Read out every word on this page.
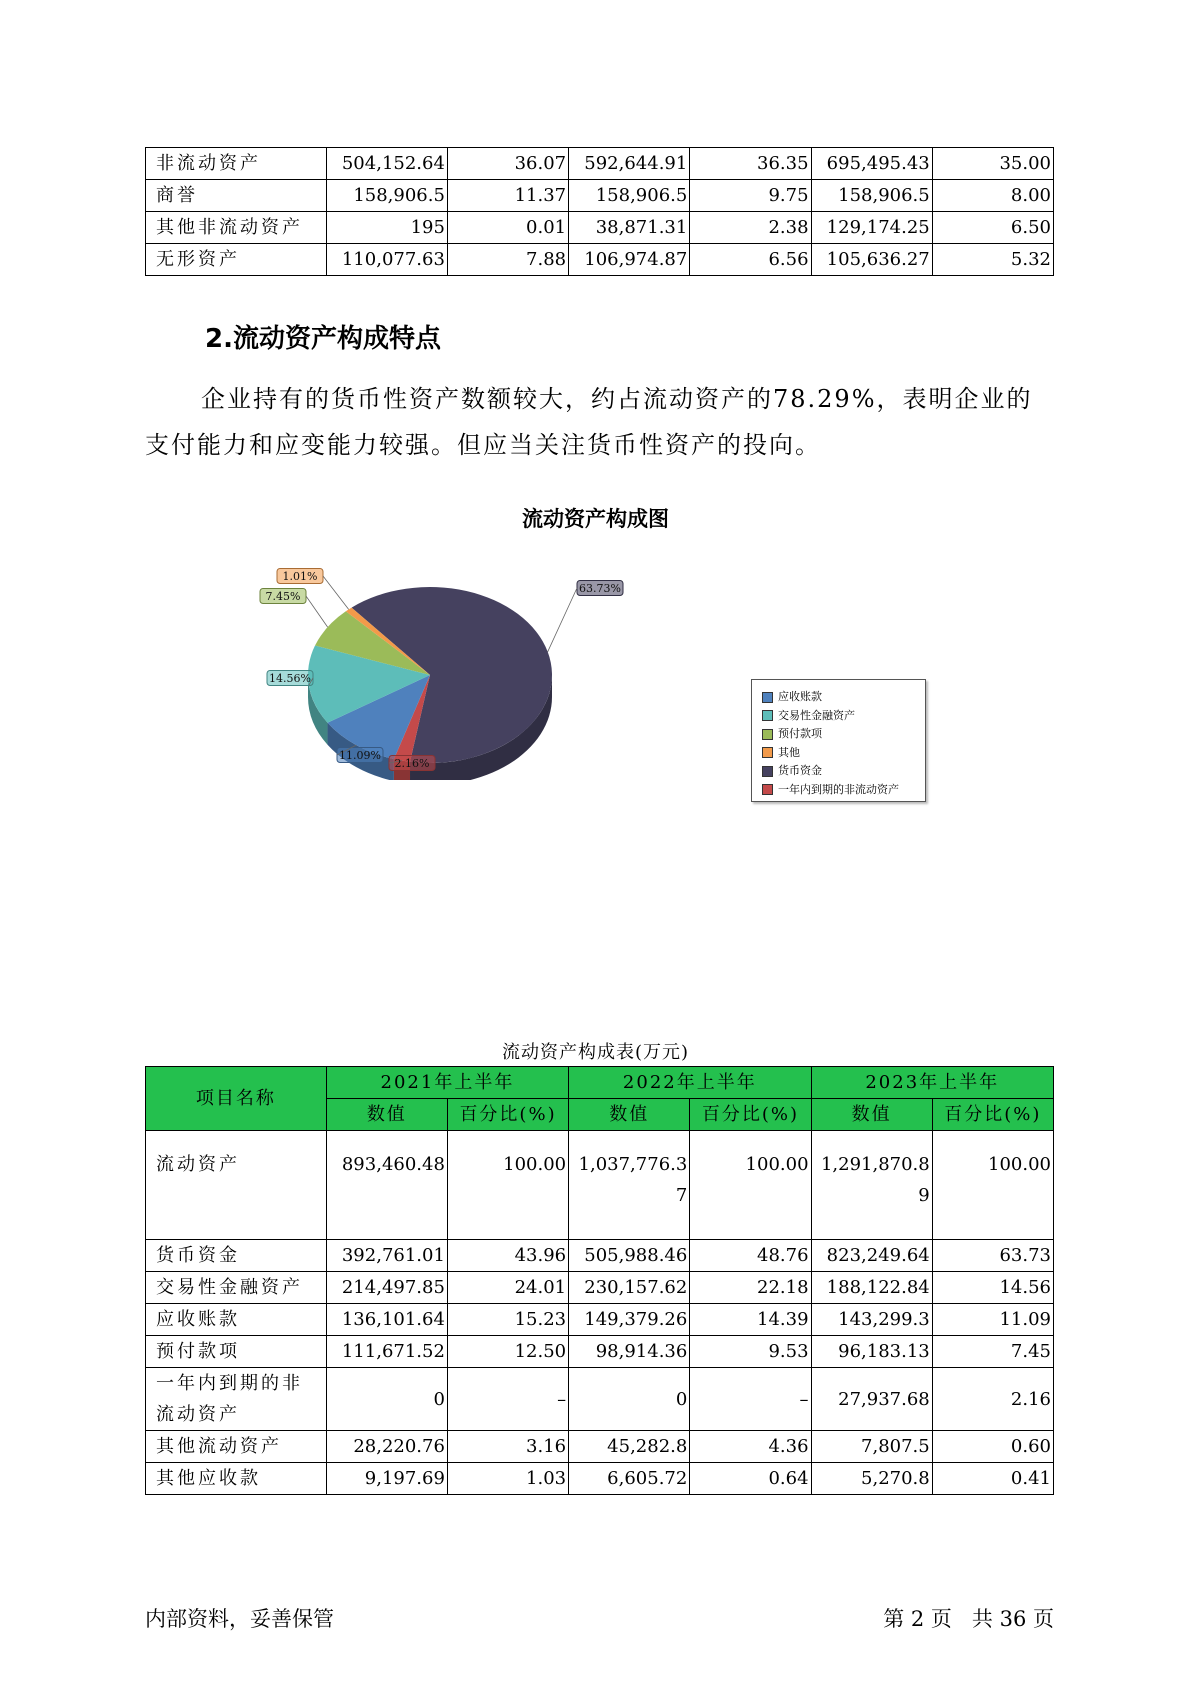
非流动资产	504,152.64	36.07	592,644.91	36.35	695,495.43	35.00
商誉	158,906.5	11.37	158,906.5	9.75	158,906.5	8.00
其他非流动资产	195	0.01	38,871.31	2.38	129,174.25	6.50
无形资产	110,077.63	7.88	106,974.87	6.56	105,636.27	5.32
2.流动资产构成特点

企业持有的货币性资产数额较大，约占流动资产的78.29%，表明企业的支付能力和应变能力较强。但应当关注货币性资产的投向。

流动资产构成图
63.73%
2.16%
11.09%
14.56%
7.45%
1.01%
应收账款
交易性金融资产
预付款项
其他
货币资金
一年内到期的非流动资产

流动资产构成表(万元)

项目名称	2021年上半年		2022年上半年		2023年上半年	
	数值	百分比(%)	数值	百分比(%)	数值	百分比(%)
流动资产	893,460.48	100.00	1,037,776.37	100.00	1,291,870.89	100.00
货币资金	392,761.01	43.96	505,988.46	48.76	823,249.64	63.73
交易性金融资产	214,497.85	24.01	230,157.62	22.18	188,122.84	14.56
应收账款	136,101.64	15.23	149,379.26	14.39	143,299.3	11.09
预付款项	111,671.52	12.50	98,914.36	9.53	96,183.13	7.45
一年内到期的非流动资产	0	–	0	–	27,937.68	2.16
其他流动资产	28,220.76	3.16	45,282.8	4.36	7,807.5	0.60
其他应收款	9,197.69	1.03	6,605.72	0.64	5,270.8	0.41
内部资料，妥善保管	第 2 页   共 36 页
